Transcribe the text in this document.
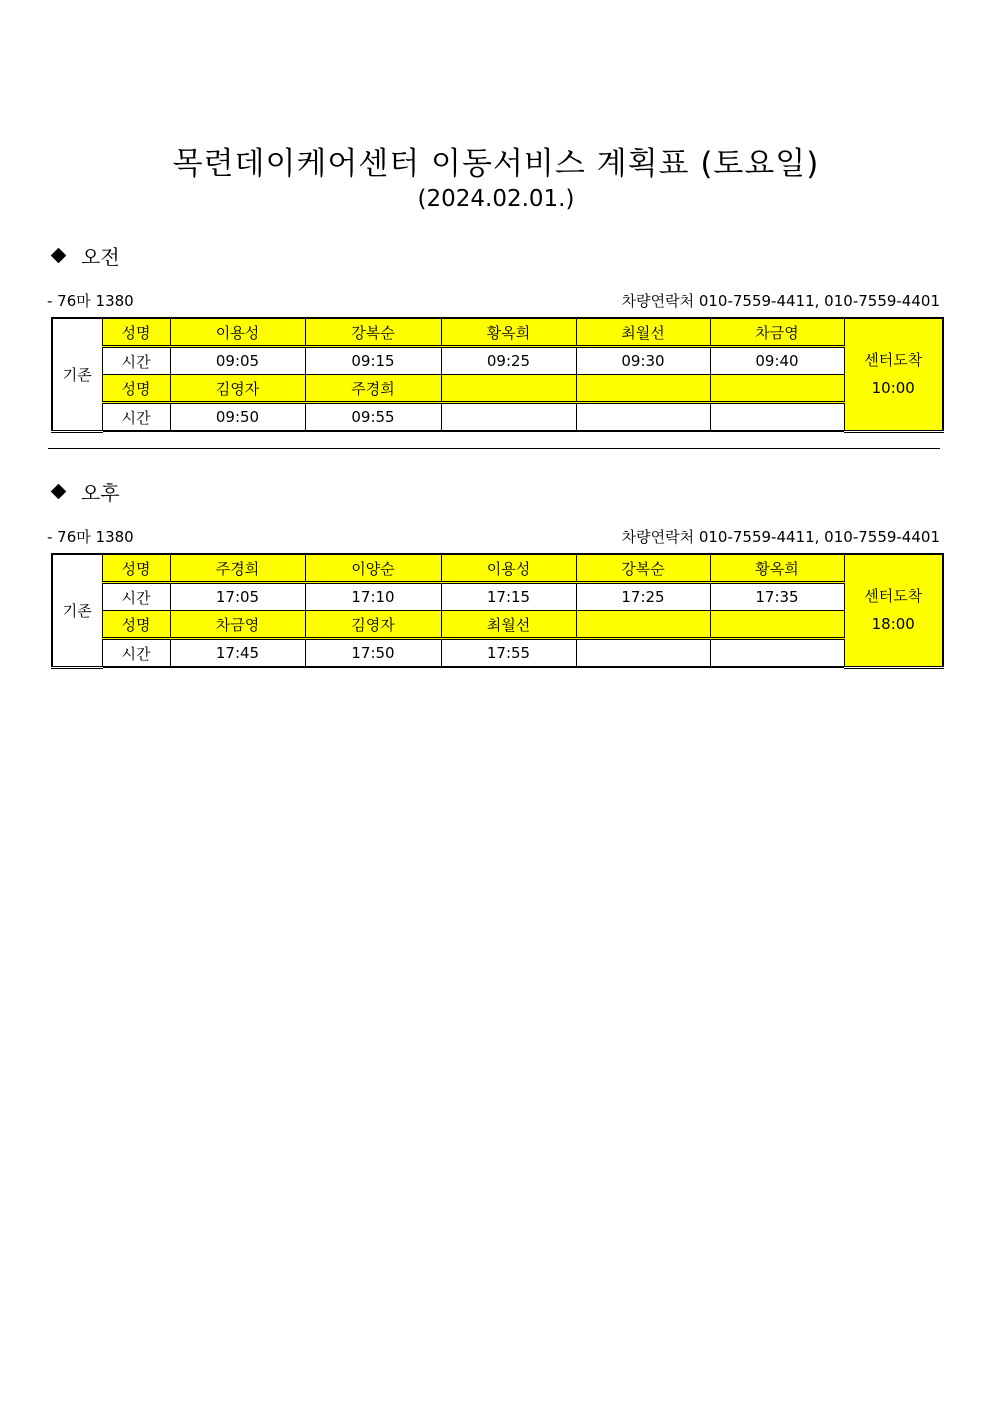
목련데이케어센터 이동서비스 계획표 (토요일)
(2024.02.01.)
오전
- 76마 1380	차량연락처 010-7559-4411, 010-7559-4401
기존	성명	이용성	강복순	황옥희	최월선	차금영	센터도착
10:00

	시간	09:05	09:15	09:25	09:30	09:40	
	성명	김영자	주경희				
	시간	09:50	09:55				
오후
- 76마 1380	차량연락처 010-7559-4411, 010-7559-4401
기존	성명	주경희	이양순	이용성	강복순	황옥희	센터도착
18:00

	시간	17:05	17:10	17:15	17:25	17:35	
	성명	차금영	김영자	최월선			
	시간	17:45	17:50	17:55			
